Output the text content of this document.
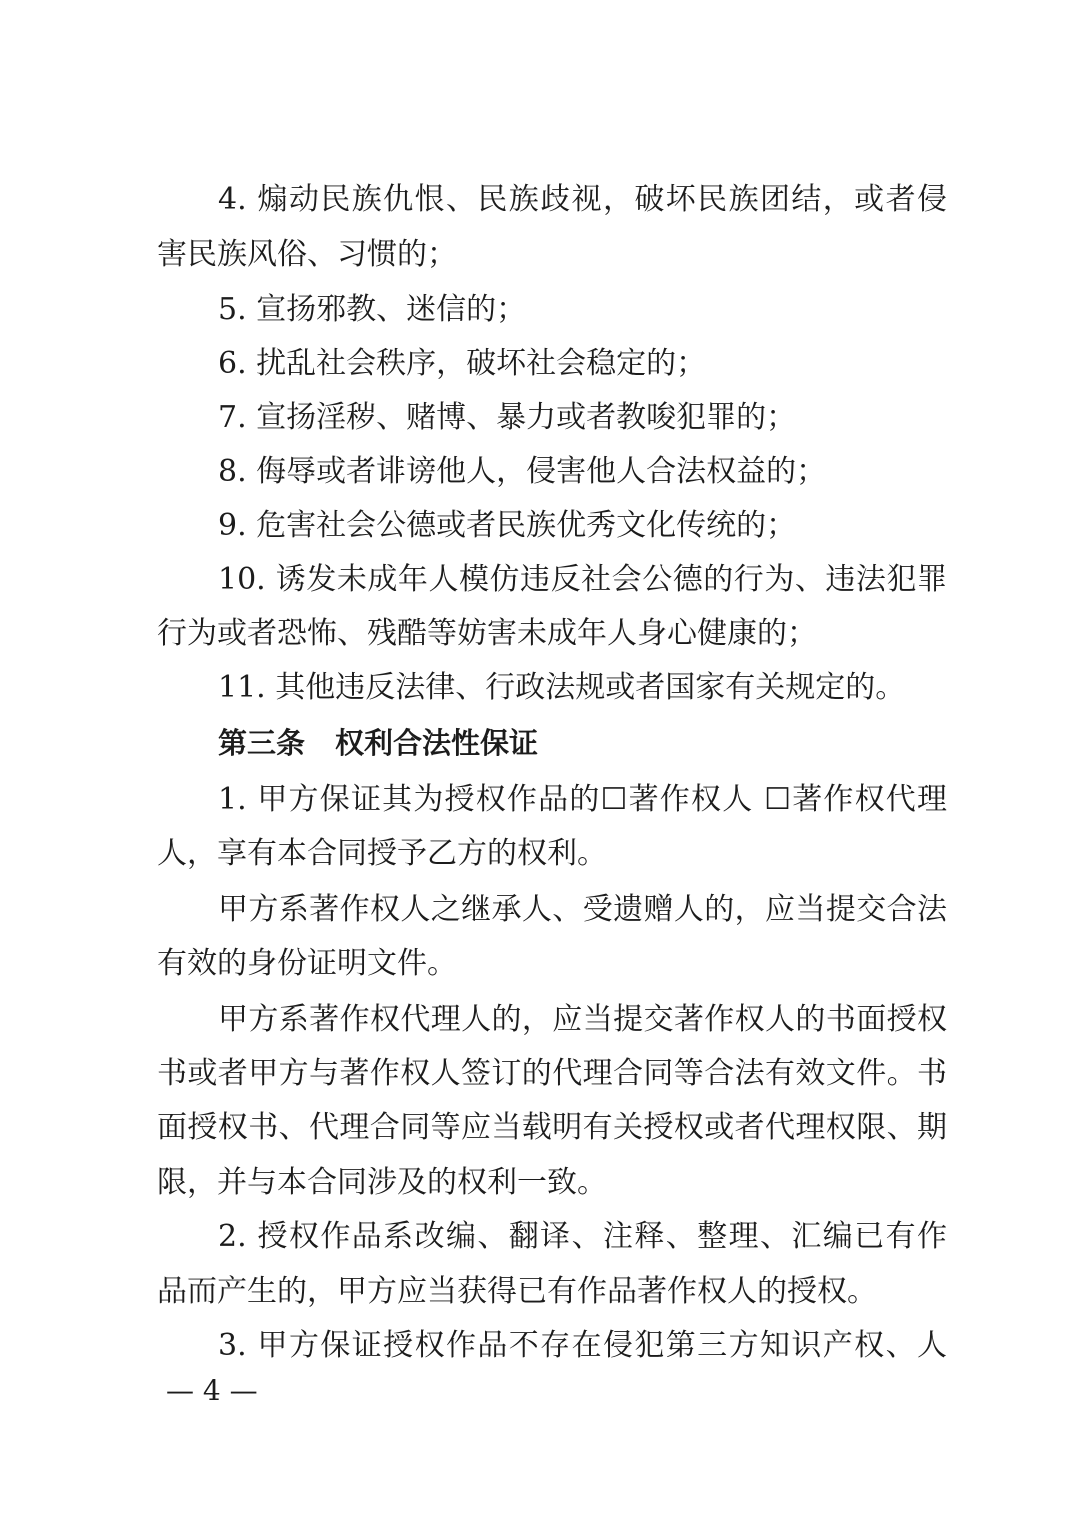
4. 煽动民族仇恨、民族歧视，破坏民族团结，或者侵
害民族风俗、习惯的；
5. 宣扬邪教、迷信的；
6. 扰乱社会秩序，破坏社会稳定的；
7. 宣扬淫秽、赌博、暴力或者教唆犯罪的；
8. 侮辱或者诽谤他人，侵害他人合法权益的；
9. 危害社会公德或者民族优秀文化传统的；
10. 诱发未成年人模仿违反社会公德的行为、违法犯罪
行为或者恐怖、残酷等妨害未成年人身心健康的；
11. 其他违反法律、行政法规或者国家有关规定的。
第三条 权利合法性保证
1. 甲方保证其为授权作品的☐著作权人 ☐著作权代理
人，享有本合同授予乙方的权利。
甲方系著作权人之继承人、受遗赠人的，应当提交合法
有效的身份证明文件。
甲方系著作权代理人的，应当提交著作权人的书面授权
书或者甲方与著作权人签订的代理合同等合法有效文件。书
面授权书、代理合同等应当载明有关授权或者代理权限、期
限，并与本合同涉及的权利一致。
2. 授权作品系改编、翻译、注释、整理、汇编已有作
品而产生的，甲方应当获得已有作品著作权人的授权。
3. 甲方保证授权作品不存在侵犯第三方知识产权、人
— 4 —
